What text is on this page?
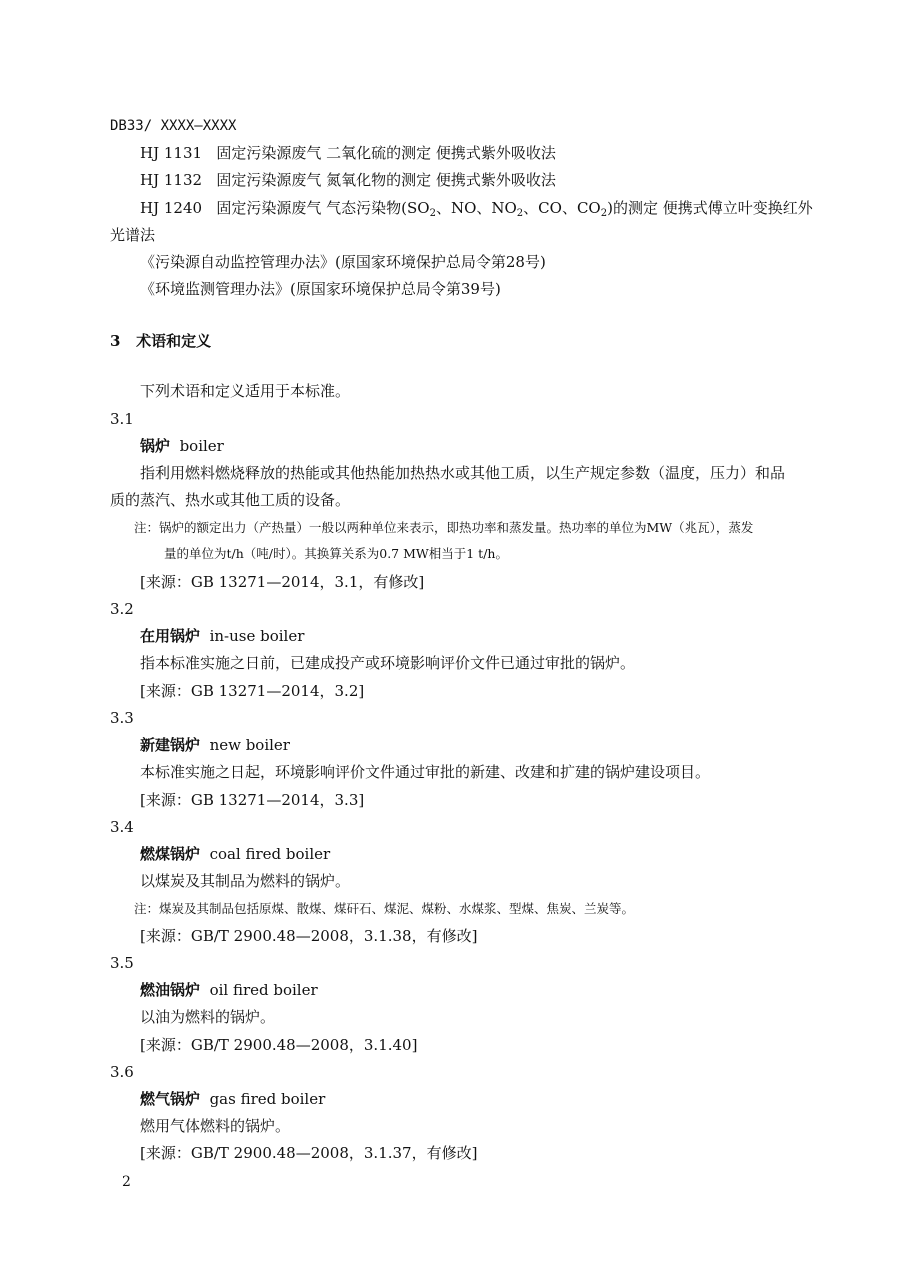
DB33/ XXXX—XXXX
HJ 1131 固定污染源废气 二氧化硫的测定 便携式紫外吸收法
HJ 1132 固定污染源废气 氮氧化物的测定 便携式紫外吸收法
HJ 1240 固定污染源废气 气态污染物($SO_2$、NO、$NO_2$、CO、$CO_2$)的测定 便携式傅立叶变换红外
光谱法
《污染源自动监控管理办法》(原国家环境保护总局令第28号)
《环境监测管理办法》(原国家环境保护总局令第39号)
3 术语和定义
下列术语和定义适用于本标准。
3.1
锅炉 boiler
指利用燃料燃烧释放的热能或其他热能加热热水或其他工质，以生产规定参数（温度，压力）和品
质的蒸汽、热水或其他工质的设备。
注：锅炉的额定出力（产热量）一般以两种单位来表示，即热功率和蒸发量。热功率的单位为MW（兆瓦），蒸发
量的单位为t/h（吨/时）。其换算关系为0.7 MW相当于1 t/h。
[来源：GB 13271—2014，3.1，有修改]
3.2
在用锅炉 in-use boiler
指本标准实施之日前，已建成投产或环境影响评价文件已通过审批的锅炉。
[来源：GB 13271—2014，3.2]
3.3
新建锅炉 new boiler
本标准实施之日起，环境影响评价文件通过审批的新建、改建和扩建的锅炉建设项目。
[来源：GB 13271—2014，3.3]
3.4
燃煤锅炉 coal fired boiler
以煤炭及其制品为燃料的锅炉。
注：煤炭及其制品包括原煤、散煤、煤矸石、煤泥、煤粉、水煤浆、型煤、焦炭、兰炭等。
[来源：GB/T 2900.48—2008，3.1.38，有修改]
3.5
燃油锅炉 oil fired boiler
以油为燃料的锅炉。
[来源：GB/T 2900.48—2008，3.1.40]
3.6
燃气锅炉 gas fired boiler
燃用气体燃料的锅炉。
[来源：GB/T 2900.48—2008，3.1.37，有修改]
2
